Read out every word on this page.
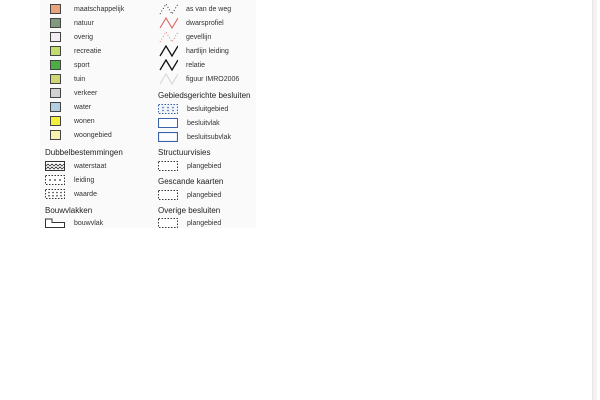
maatschappelijk
natuur
overig
recreatie
sport
tuin
verkeer
water
wonen
woongebied
Dubbelbestemmingen
waterstaat
leiding
waarde
Bouwvlakken
bouwvlak
as van de weg
dwarsprofiel
gevellijn
hartlijn leiding
relatie
figuur IMRO2006
Gebiedsgerichte besluiten
besluitgebied
besluitvlak
besluitsubvlak
Structuurvisies
plangebied
Gescande kaarten
plangebied
Overige besluiten
plangebied
